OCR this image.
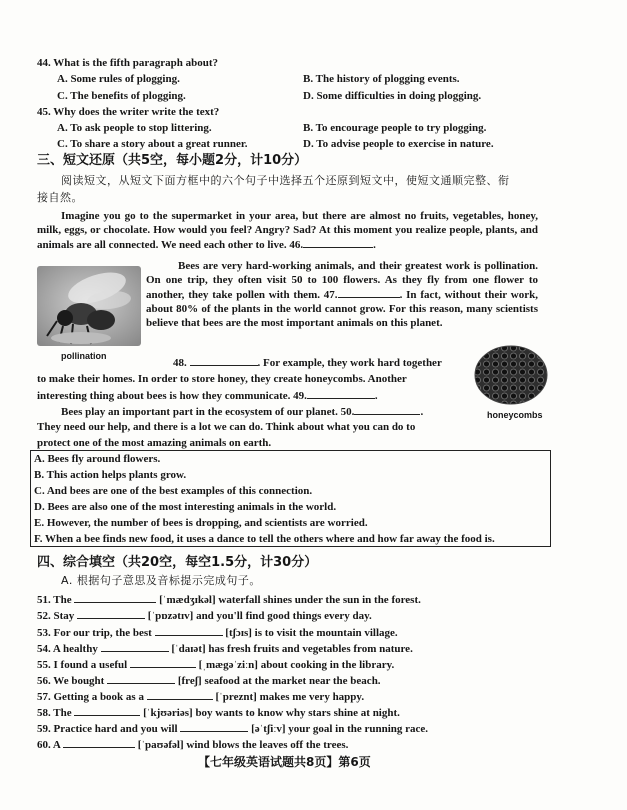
44. What is the fifth paragraph about?
A. Some rules of plogging.	B. The history of plogging events.
C. The benefits of plogging.	D. Some difficulties in doing plogging.
45. Why does the writer write the text?
A. To ask people to stop littering.	B. To encourage people to try plogging.
C. To share a story about a great runner.	D. To advise people to exercise in nature.
三、短文还原（共5空，每小题2分，计10分）
阅读短文，从短文下面方框中的六个句子中选择五个还原到短文中，使短文通顺完整、衔
接自然。
Imagine you go to the supermarket in your area, but there are almost no fruits, vegetables, honey, milk, eggs, or chocolate. How would you feel? Angry? Sad? At this moment you realize people, plants, and animals are all connected. We need each other to live. 46.	.
pollination
Bees are very hard-working animals, and their greatest work is pollination. On one trip, they often visit 50 to 100 flowers. As they fly from one flower to another, they take pollen with them. 47.	. In fact, without their work, about 80% of the plants in the world cannot grow. For this reason, many scientists believe that bees are the most important animals on this planet.
honeycombs
48.	. For example, they work hard together
to make their homes. In order to store honey, they create honeycombs. Another
interesting thing about bees is how they communicate. 49.	.
Bees play an important part in the ecosystem of our planet. 50.	.
They need our help, and there is a lot we can do. Think about what you can do to
protect one of the most amazing animals on earth.
A. Bees fly around flowers.
B. This action helps plants grow.
C. And bees are one of the best examples of this connection.
D. Bees are also one of the most interesting animals in the world.
E. However, the number of bees is dropping, and scientists are worried.
F. When a bee finds new food, it uses a dance to tell the others where and how far away the food is.
四、综合填空（共20空，每空1.5分，计30分）
A. 根据句子意思及音标提示完成句子。
51. The	[ˈmædʒɪkəl] waterfall shines under the sun in the forest.
52. Stay	[ˈpɒzətɪv] and you'll find good things every day.
53. For our trip, the best	[tʃɔɪs] is to visit the mountain village.
54. A healthy	[ˈdaɪət] has fresh fruits and vegetables from nature.
55. I found a useful	[ˌmægəˈziːn] about cooking in the library.
56. We bought	[freʃ] seafood at the market near the beach.
57. Getting a book as a	[ˈpreznt] makes me very happy.
58. The	[ˈkjʊəriəs] boy wants to know why stars shine at night.
59. Practice hard and you will	[əˈtʃiːv] your goal in the running race.
60. A	[ˈpaʊəfəl] wind blows the leaves off the trees.
【七年级英语试题共8页】第6页
